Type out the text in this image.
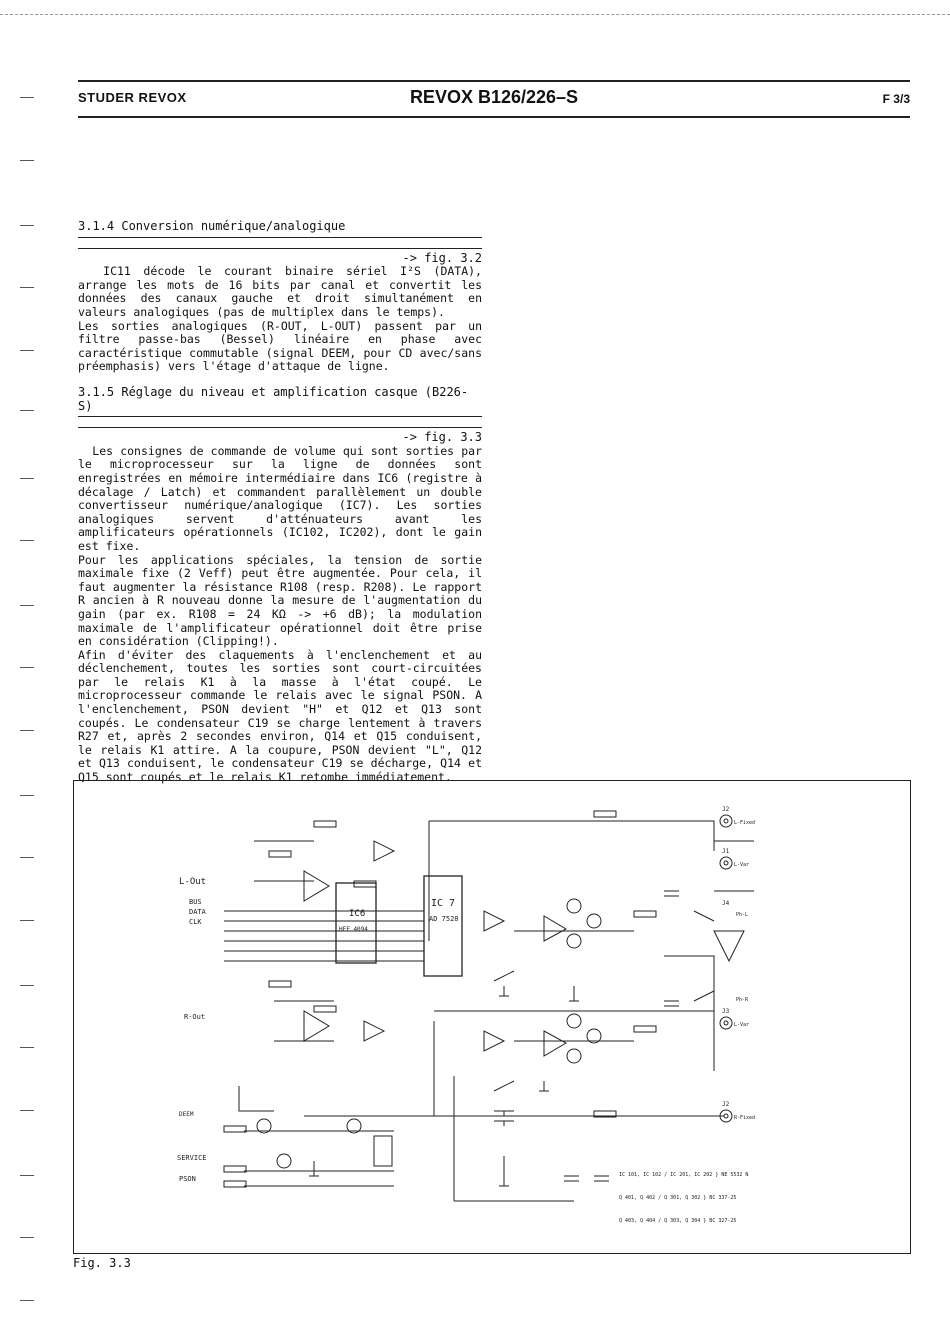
STUDER REVOX	REVOX B126/226–S	F 3/3
3.1.4 Conversion numérique/analogique
-> fig. 3.2

IC11 décode le courant binaire sériel I²S (DATA), arrange les mots de 16 bits par canal et convertit les données des canaux gauche et droit simultanément en valeurs analogiques (pas de multiplex dans le temps).
Les sorties analogiques (R-OUT, L-OUT) passent par un filtre passe-bas (Bessel) linéaire en phase avec caractéristique commutable (signal DEEM, pour CD avec/sans préemphasis) vers l'étage d'attaque de ligne.

3.1.5 Réglage du niveau et amplification casque (B226-S)
-> fig. 3.3

Les consignes de commande de volume qui sont sorties par le microprocesseur sur la ligne de données sont enregistrées en mémoire intermédiaire dans IC6 (registre à décalage / Latch) et commandent parallèlement un double convertisseur numérique/analogique (IC7). Les sorties analogiques servent d'atténuateurs avant les amplificateurs opérationnels (IC102, IC202), dont le gain est fixe.
Pour les applications spéciales, la tension de sortie maximale fixe (2 Veff) peut être augmentée. Pour cela, il faut augmenter la résistance R108 (resp. R208). Le rapport R ancien à R nouveau donne la mesure de l'augmentation du gain (par ex. R108 = 24 KΩ -> +6 dB); la modulation maximale de l'amplificateur opérationnel doit être prise en considération (Clipping!).
Afin d'éviter des claquements à l'enclenchement et au déclenchement, toutes les sorties sont court-circuitées par le relais K1 à la masse à l'état coupé. Le microprocesseur commande le relais avec le signal PSON. A l'enclenchement, PSON devient "H" et Q12 et Q13 sont coupés. Le condensateur C19 se charge lentement à travers R27 et, après 2 secondes environ, Q14 et Q15 conduisent, le relais K1 attire. A la coupure, PSON devient "L", Q12 et Q13 conduisent, le condensateur C19 se décharge, Q14 et Q15 sont coupés et le relais K1 retombe immédiatement.

L-Out
BUS
DATA
CLK
R-Out
DEEM
SERVICE
PSON
IC6
HEF 4094
IC 7
AD 7528
L-Fixed
L-Var
Ph-L
Ph-R
L-Var
R-Fixed
J2
J1
J4
J3
J2
IC 101, IC 102 / IC 201, IC 202 } NE 5532 N
Q 401, Q 402 / Q 301, Q 302 } BC 337-25
Q 403, Q 404 / Q 303, Q 304 } BC 327-25
Fig. 3.3
